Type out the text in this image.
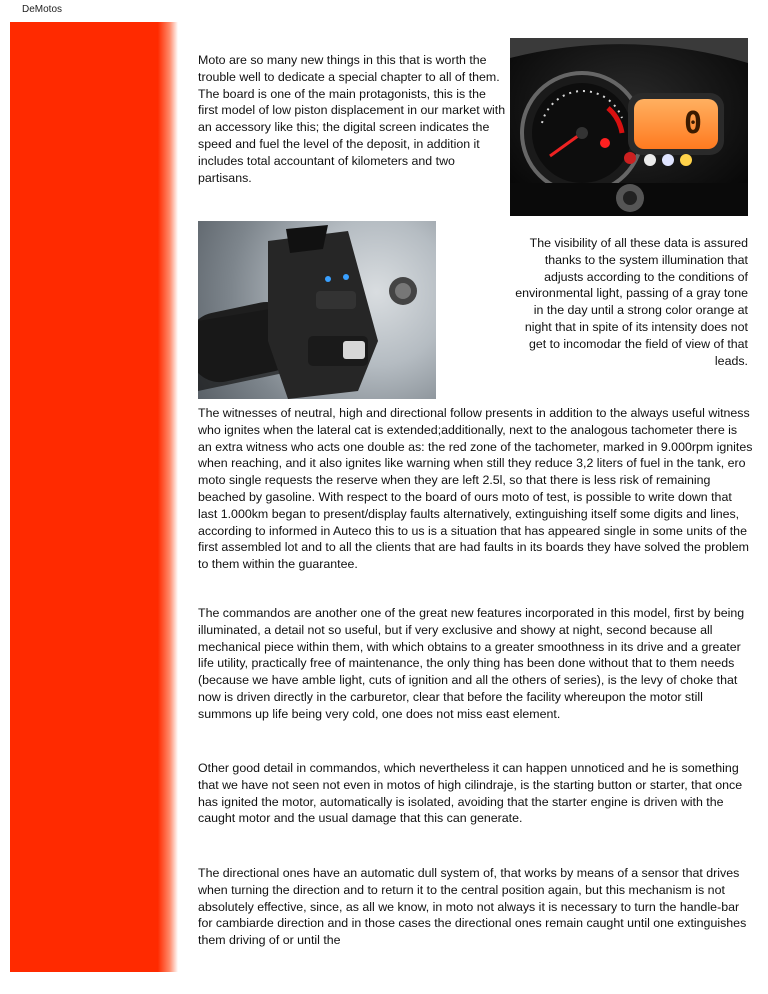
DeMotos

Moto are so many new things in this that is worth the trouble well to dedicate a special chapter to all of them.
The board is one of the main protagonists, this is the first model of low piston displacement in our market with an accessory like this; the digital screen indicates the speed and fuel the level of the deposit, in addition it includes total accountant of kilometers and two partisans.

0

The visibility of all these data is assured thanks to the system illumination that adjusts according to the conditions of environmental light, passing of a gray tone in the day until a strong color orange at night that in spite of its intensity does not get to incomodar the field of view of that leads.

The witnesses of neutral, high and directional follow presents in addition to the always useful witness who ignites when the lateral cat is extended;additionally, next to the analogous tachometer there is an extra witness who acts one double as: the red zone of the tachometer, marked in 9.000rpm ignites when reaching, and it also ignites like warning when still they reduce 3,2 liters of fuel in the tank, ero moto single requests the reserve when they are left 2.5l, so that there is less risk of remaining beached by gasoline. With respect to the board of ours moto of test, is possible to write down that last 1.000km began to present/display faults alternatively, extinguishing itself some digits and lines, according to informed in Auteco this to us is a situation that has appeared single in some units of the first assembled lot and to all the clients that are had faults in its boards they have solved the problem to them within the guarantee.

The commandos are another one of the great new features incorporated in this model, first by being illuminated, a detail not so useful, but if very exclusive and showy at night, second because all mechanical piece within them, with which obtains to a greater smoothness in its drive and a greater life utility, practically free of maintenance, the only thing has been done without that to them needs (because we have amble light, cuts of ignition and all the others of series), is the levy of choke that now is driven directly in the carburetor, clear that before the facility whereupon the motor still summons up life being very cold, one does not miss east element.

Other good detail in commandos, which nevertheless it can happen unnoticed and he is something that we have not seen not even in motos of high cilindraje, is the starting button or starter, that once has ignited the motor, automatically is isolated, avoiding that the starter engine is driven with the caught motor and the usual damage that this can generate.

The directional ones have an automatic dull system of, that works by means of a sensor that drives when turning the direction and to return it to the central position again, but this mechanism is not absolutely effective, since, as all we know, in moto not always it is necessary to turn the handle-bar for cambiarde direction and in those cases the directional ones remain caught until one extinguishes them driving of or until the
